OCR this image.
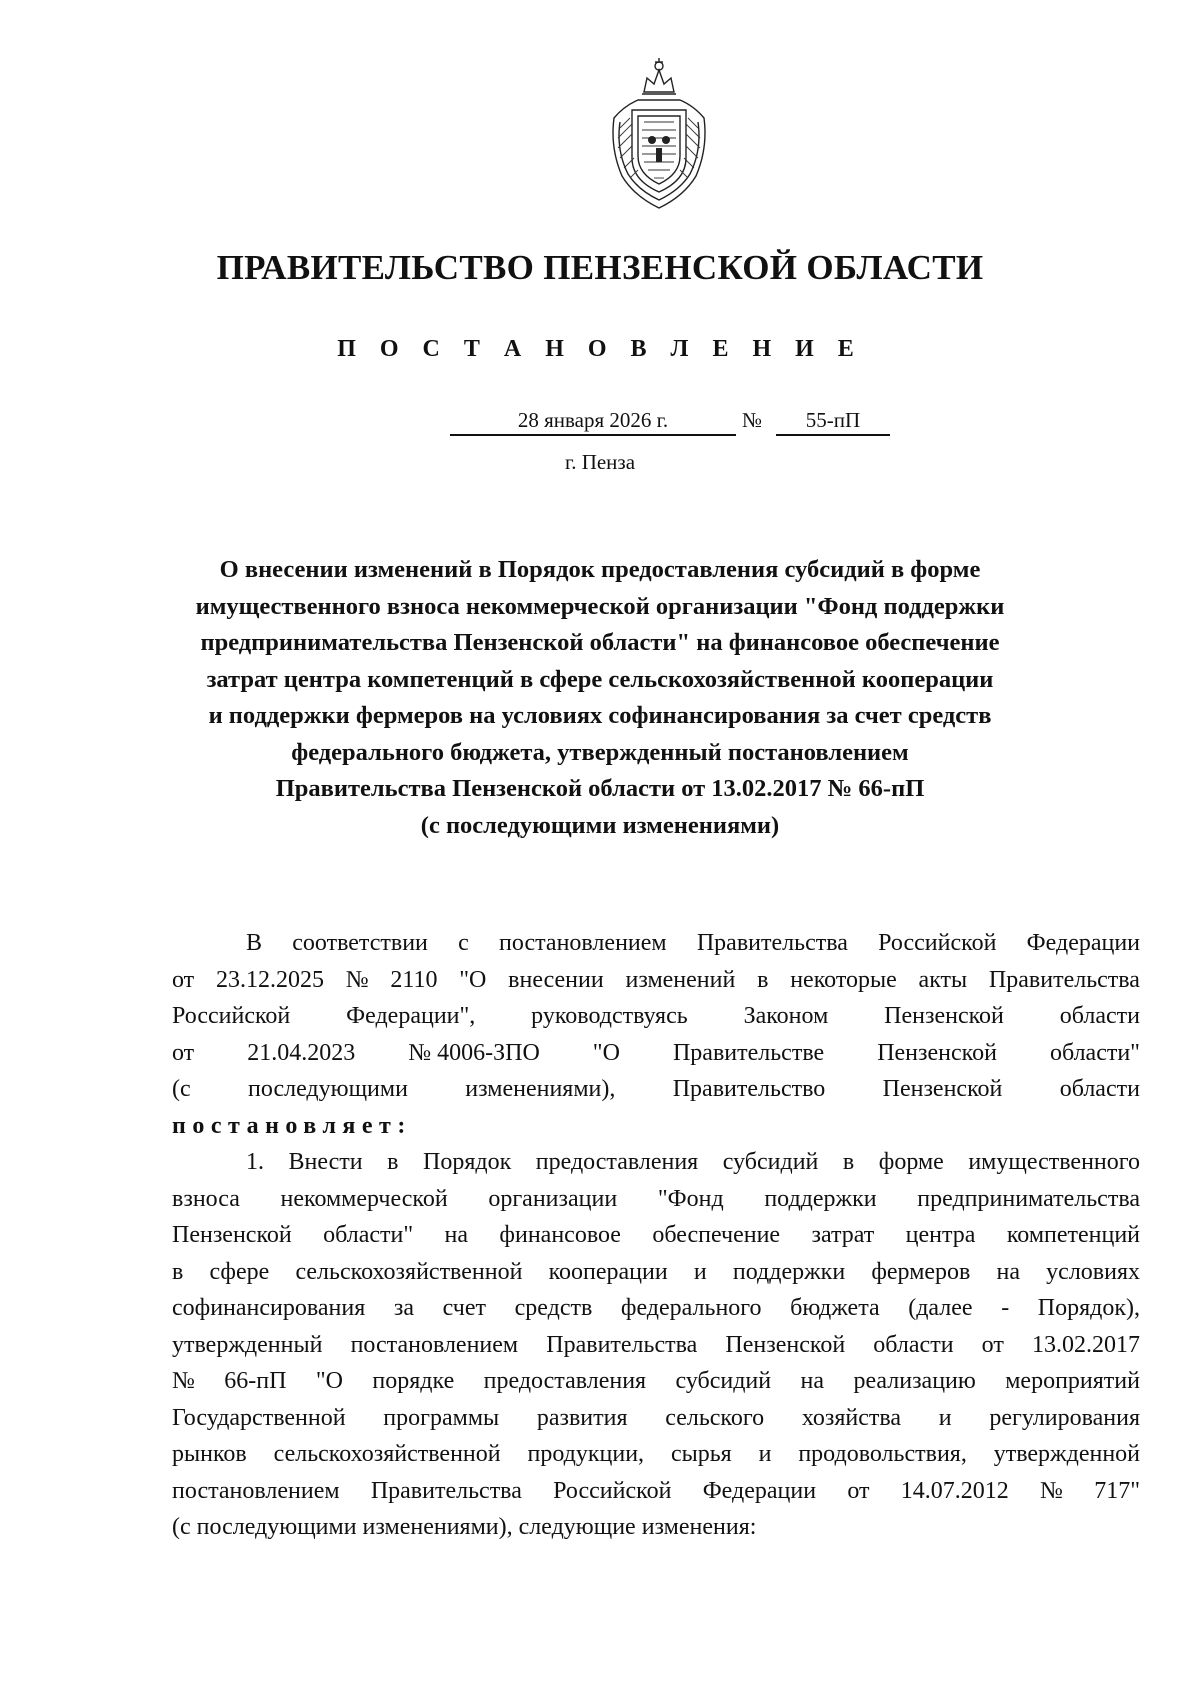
ПРАВИТЕЛЬСТВО ПЕНЗЕНСКОЙ ОБЛАСТИ
П О С Т А Н О В Л Е Н И Е
28 января 2026 г.	№	55-пП
г. Пенза
О внесении изменений в Порядок предоставления субсидий в форме
имущественного взноса некоммерческой организации "Фонд поддержки
предпринимательства Пензенской области" на финансовое обеспечение
затрат центра компетенций в сфере сельскохозяйственной кооперации
и поддержки фермеров на условиях софинансирования за счет средств
федерального бюджета, утвержденный постановлением
Правительства Пензенской области от 13.02.2017 № 66-пП
(с последующими изменениями)
В соответствии с постановлением Правительства Российской Федерации
от 23.12.2025 № 2110 "О внесении изменений в некоторые акты Правительства
Российской Федерации", руководствуясь Законом Пензенской области
от 21.04.2023 № 4006-ЗПО "О Правительстве Пензенской области"
(с последующими изменениями), Правительство Пензенской области
постановляет:
1. Внести в Порядок предоставления субсидий в форме имущественного
взноса некоммерческой организации "Фонд поддержки предпринимательства
Пензенской области" на финансовое обеспечение затрат центра компетенций
в сфере сельскохозяйственной кооперации и поддержки фермеров на условиях
софинансирования за счет средств федерального бюджета (далее - Порядок),
утвержденный постановлением Правительства Пензенской области от 13.02.2017
№ 66-пП "О порядке предоставления субсидий на реализацию мероприятий
Государственной программы развития сельского хозяйства и регулирования
рынков сельскохозяйственной продукции, сырья и продовольствия, утвержденной
постановлением Правительства Российской Федерации от 14.07.2012 № 717"
(с последующими изменениями), следующие изменения:
